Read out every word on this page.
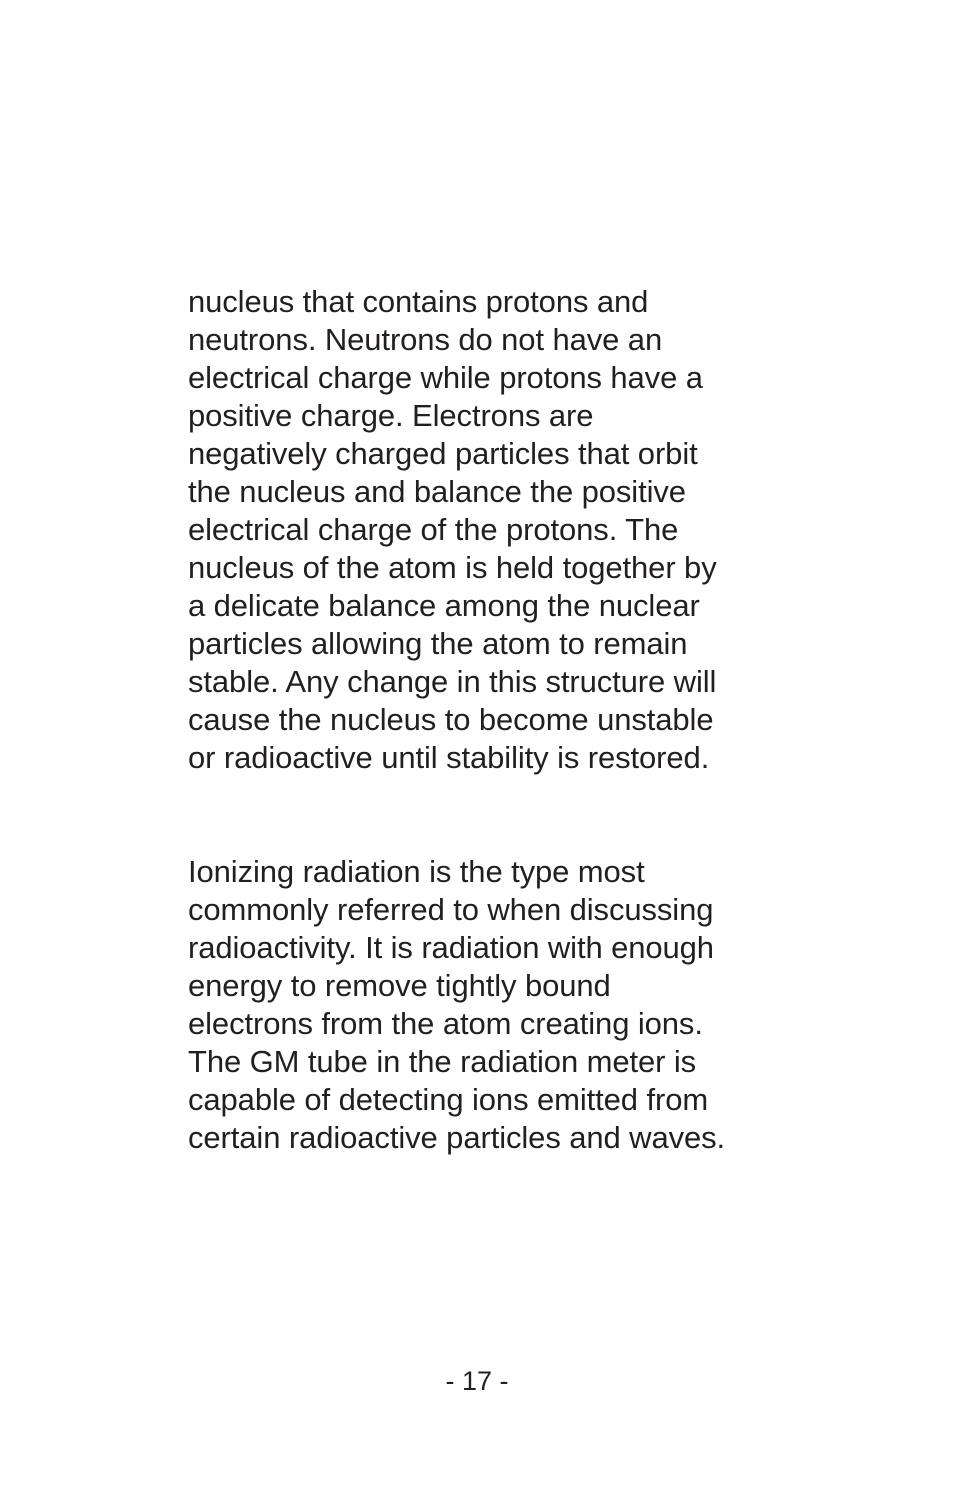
nucleus that contains protons and
neutrons. Neutrons do not have an
electrical charge while protons have a
positive charge. Electrons are
negatively charged particles that orbit
the nucleus and balance the positive
electrical charge of the protons. The
nucleus of the atom is held together by
a delicate balance among the nuclear
particles allowing the atom to remain
stable. Any change in this structure will
cause the nucleus to become unstable
or radioactive until stability is restored.

Ionizing radiation is the type most
commonly referred to when discussing
radioactivity. It is radiation with enough
energy to remove tightly bound
electrons from the atom creating ions.
The GM tube in the radiation meter is
capable of detecting ions emitted from
certain radioactive particles and waves.

- 17 -
